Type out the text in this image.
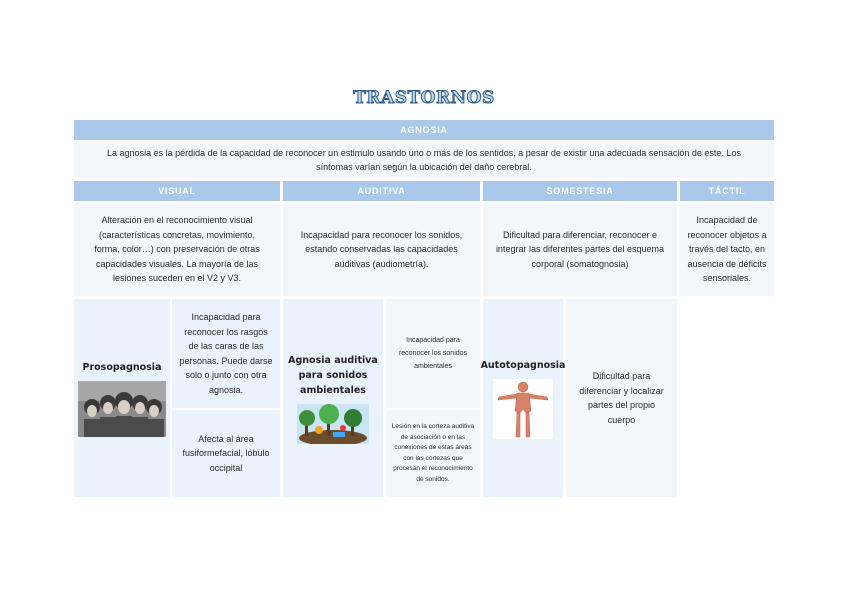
TRASTORNOS
AGNOSIA
La agnosia es la pérdida de la capacidad de reconocer un estimulo usando uno o más de los sentidos, a pesar de existir una adecuada sensación de este. Los síntomas varían según la ubicación del daño cerebral.
VISUAL	AUDITIVA	SOMESTESIA	TÁCTIL
Alteración en el reconocimiento visual (características concretas, movimiento, forma, color…) con preservación de otras capacidades visuales. La mayoría de las lesiones suceden en el V2 y V3.
Incapacidad para reconocer los sonidos, estando conservadas las capacidades auditivas (audiometría).
Dificultad para diferenciar, reconocer e integrar las diferentes partes del esquema corporal (somatognosia)
Incapacidad de reconocer objetos a través del tacto, en ausencia de déficits sensoriales.
Prosopagnosia
Incapacidad para reconocer los rasgos de las caras de las personas. Puede darse solo o junto con otra agnosia.
Afecta al área fusiformefacial, lóbulo occipital
Agnosia auditiva para sonidos ambientales
Incapacidad para reconocer los sonidos ambientales
Lesión en la corteza auditiva de asociación o en las conexiones de estas áreas con las cortezas que procesan el reconocimiento de sonidos.
Autotopagnosia
Dificultad para diferenciar y localizar partes del propio cuerpo
